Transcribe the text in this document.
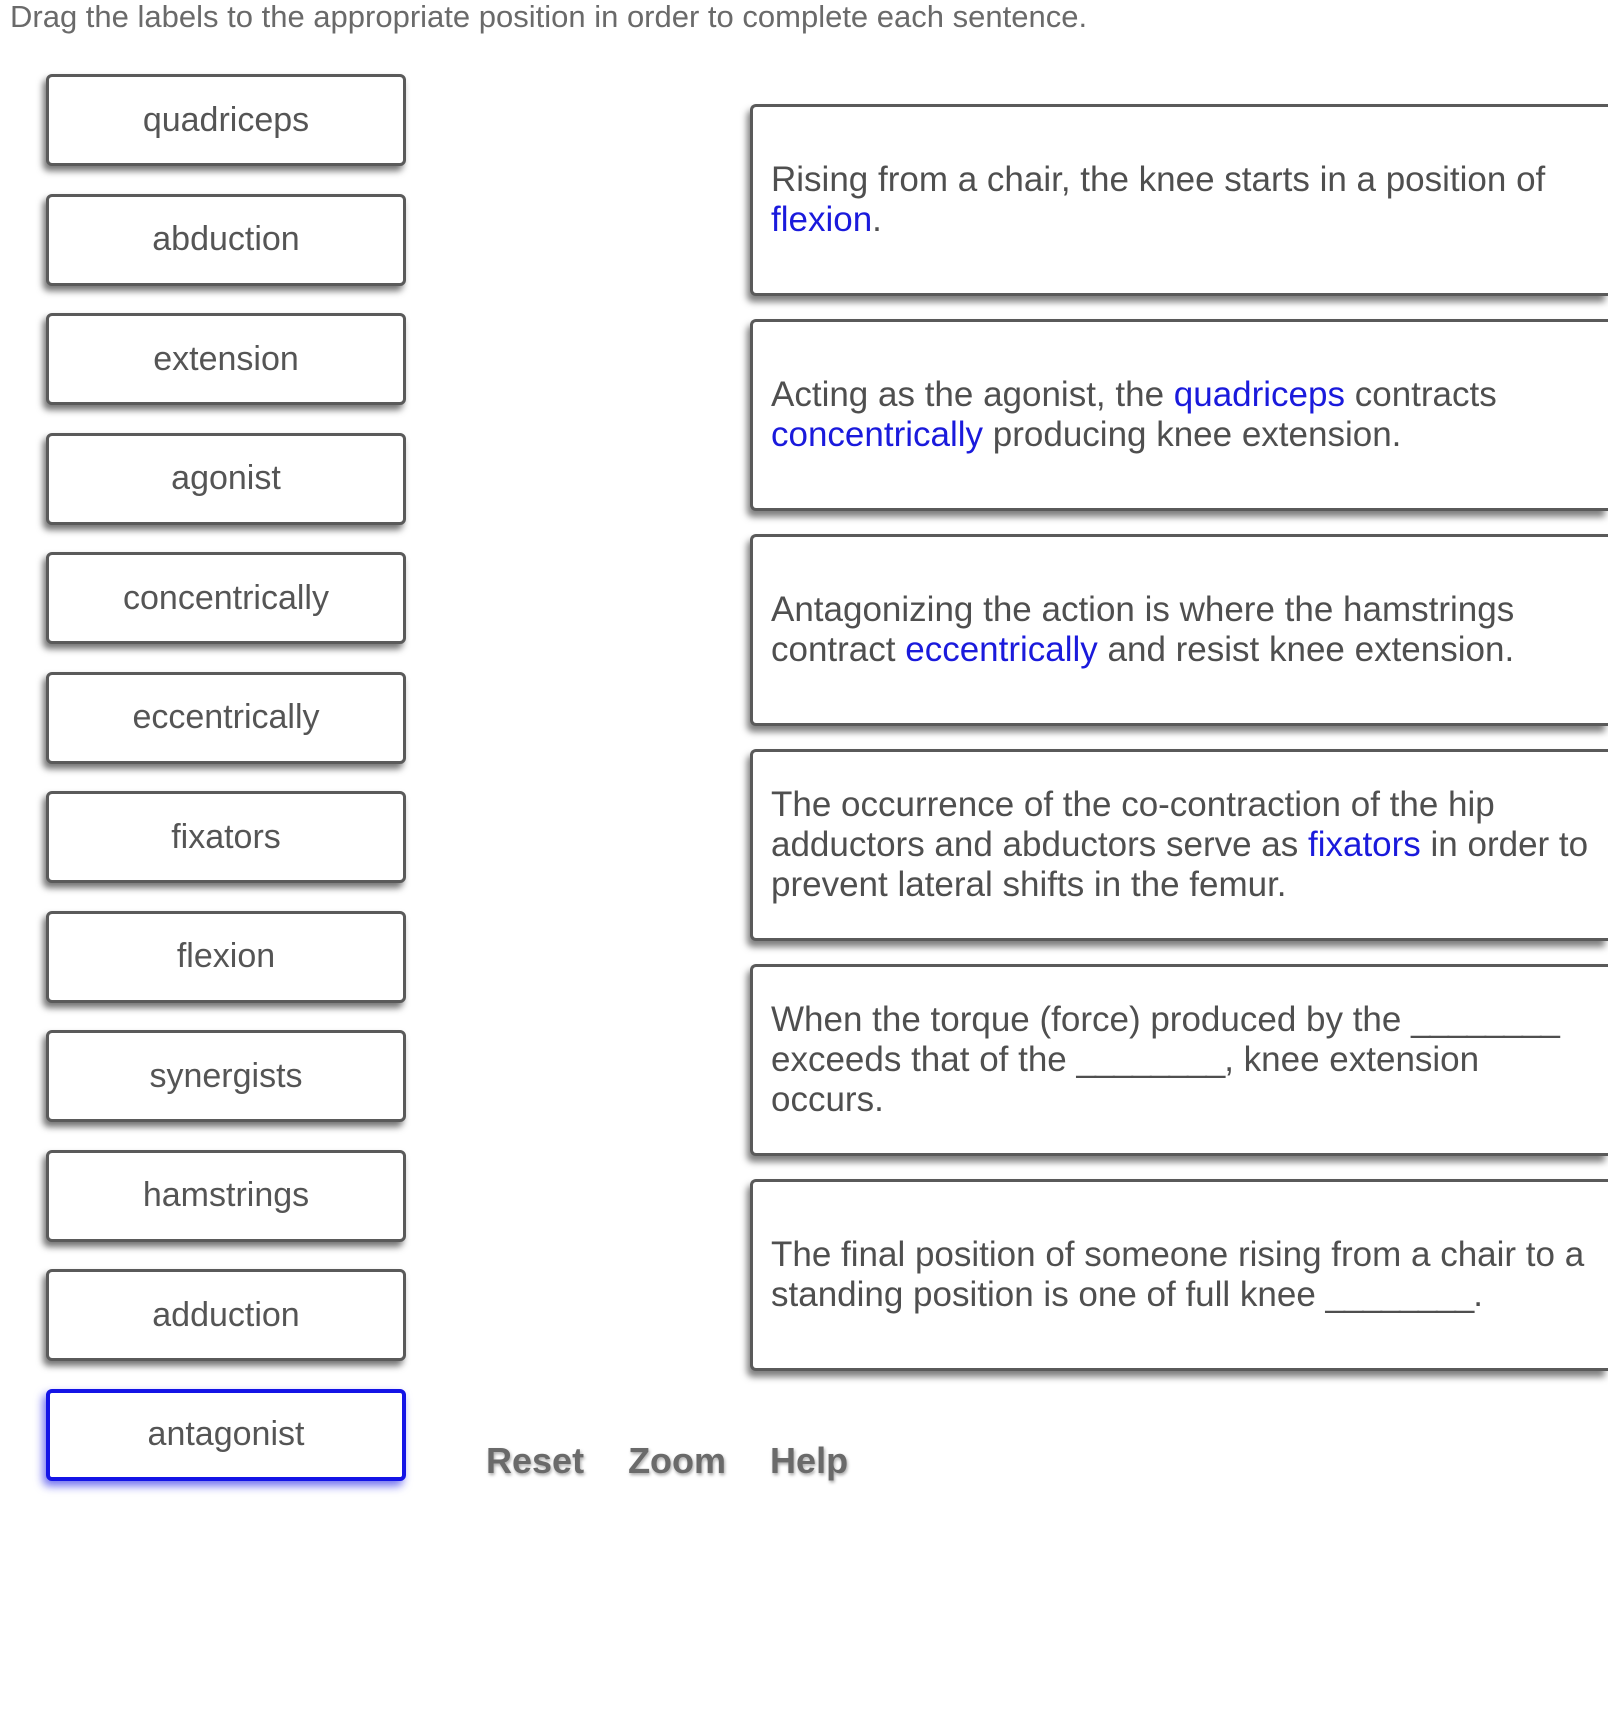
Drag the labels to the appropriate position in order to complete each sentence.
quadriceps
abduction
extension
agonist
concentrically
eccentrically
fixators
flexion
synergists
hamstrings
adduction
antagonist
Rising from a chair, the knee starts in a position of flexion.
Acting as the agonist, the quadriceps contracts concentrically producing knee extension.
Antagonizing the action is where the hamstrings contract eccentrically and resist knee extension.
The occurrence of the co-contraction of the hip adductors and abductors serve as fixators in order to prevent lateral shifts in the femur.
When the torque (force) produced by the ________ exceeds that of the ________, knee extension occurs.
The final position of someone rising from a chair to a standing position is one of full knee ________.
Reset Zoom Help
